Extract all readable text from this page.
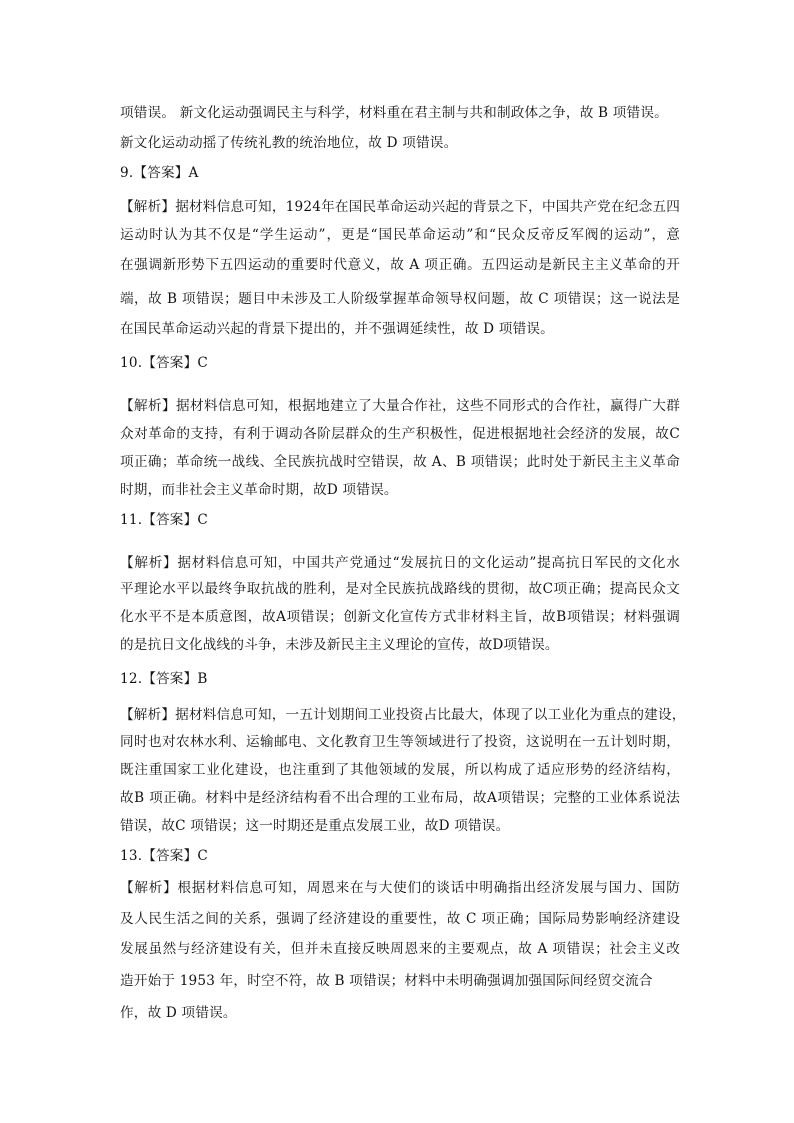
项错误。 新文化运动强调民主与科学，材料重在君主制与共和制政体之争，故 B 项错误。
新文化运动动摇了传统礼教的统治地位，故 D 项错误。
9.【答案】A
【解析】据材料信息可知，1924年在国民革命运动兴起的背景之下，中国共产党在纪念五四
运动时认为其不仅是“学生运动”，更是“国民革命运动”和“民众反帝反军阀的运动”，意
在强调新形势下五四运动的重要时代意义，故 A 项正确。五四运动是新民主主义革命的开
端，故 B 项错误；题目中未涉及工人阶级掌握革命领导权问题，故 C 项错误；这一说法是
在国民革命运动兴起的背景下提出的，并不强调延续性，故 D 项错误。
10.【答案】C
【解析】据材料信息可知，根据地建立了大量合作社，这些不同形式的合作社，赢得广大群
众对革命的支持，有利于调动各阶层群众的生产积极性，促进根据地社会经济的发展，故C
项正确；革命统一战线、全民族抗战时空错误，故 A、B 项错误；此时处于新民主主义革命
时期，而非社会主义革命时期，故D 项错误。
11.【答案】C
【解析】据材料信息可知，中国共产党通过“发展抗日的文化运动”提高抗日军民的文化水
平理论水平以最终争取抗战的胜利，是对全民族抗战路线的贯彻，故C项正确；提高民众文
化水平不是本质意图，故A项错误；创新文化宣传方式非材料主旨，故B项错误；材料强调
的是抗日文化战线的斗争，未涉及新民主主义理论的宣传，故D项错误。
12.【答案】B
【解析】据材料信息可知，一五计划期间工业投资占比最大，体现了以工业化为重点的建设，
同时也对农林水利、运输邮电、文化教育卫生等领域进行了投资，这说明在一五计划时期，
既注重国家工业化建设，也注重到了其他领域的发展，所以构成了适应形势的经济结构，
故B 项正确。材料中是经济结构看不出合理的工业布局，故A项错误；完整的工业体系说法
错误，故C 项错误；这一时期还是重点发展工业，故D 项错误。
13.【答案】C
【解析】根据材料信息可知，周恩来在与大使们的谈话中明确指出经济发展与国力、国防
及人民生活之间的关系，强调了经济建设的重要性，故 C 项正确；国际局势影响经济建设
发展虽然与经济建设有关，但并未直接反映周恩来的主要观点，故 A 项错误；社会主义改
造开始于 1953 年，时空不符，故 B 项错误；材料中未明确强调加强国际间经贸交流合
作，故 D 项错误。
